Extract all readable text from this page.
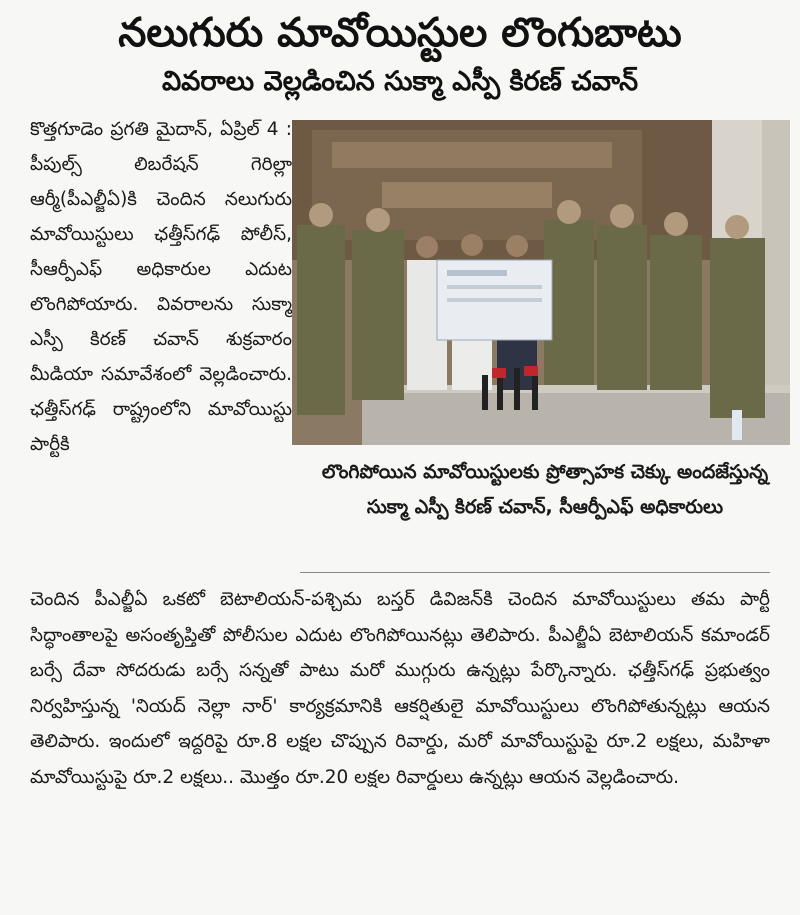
నలుగురు మావోయిస్టుల లొంగుబాటు
వివరాలు వెల్లడించిన సుక్మా ఎస్పీ కిరణ్ చవాన్
కొత్తగూడెం ప్రగతి మైదాన్, ఏప్రిల్ 4 : పీపుల్స్ లిబరేషన్ గెరిల్లా ఆర్మీ(పీఎల్జీఏ)కి చెందిన నలుగురు మావోయిస్టులు ఛత్తీస్‌గఢ్ పోలీస్, సీఆర్పీఎఫ్ అధికారుల ఎదుట లొంగిపోయారు. వివరాలను సుక్మా ఎస్పీ కిరణ్ చవాన్ శుక్రవారం మీడియా సమావేశంలో వెల్లడించారు. ఛత్తీస్‌గఢ్ రాష్ట్రంలోని మావోయిస్టు పార్టీకి
లొంగిపోయిన మావోయిస్టులకు ప్రోత్సాహక చెక్కు అందజేస్తున్న సుక్మా ఎస్పీ కిరణ్ చవాన్, సీఆర్పీఎఫ్ అధికారులు
చెందిన పీఎల్జీఏ ఒకటో బెటాలియన్-పశ్చిమ బస్తర్ డివిజన్‌కి చెందిన మావోయిస్టులు తమ పార్టీ సిద్ధాంతాలపై అసంతృప్తితో పోలీసుల ఎదుట లొంగిపోయినట్లు తెలిపారు. పీఎల్జీఏ బెటాలియన్ కమాండర్ బర్సే దేవా సోదరుడు బర్సే సన్నతో పాటు మరో ముగ్గురు ఉన్నట్లు పేర్కొన్నారు. ఛత్తీస్‌గఢ్ ప్రభుత్వం నిర్వహిస్తున్న 'నియద్ నెల్లా నార్' కార్యక్రమానికి ఆకర్షితులై మావోయిస్టులు లొంగిపోతున్నట్లు ఆయన తెలిపారు. ఇందులో ఇద్దరిపై రూ.8 లక్షల చొప్పున రివార్డు, మరో మావోయిస్టుపై రూ.2 లక్షలు, మహిళా మావోయిస్టుపై రూ.2 లక్షలు.. మొత్తం రూ.20 లక్షల రివార్డులు ఉన్నట్లు ఆయన వెల్లడించారు.
